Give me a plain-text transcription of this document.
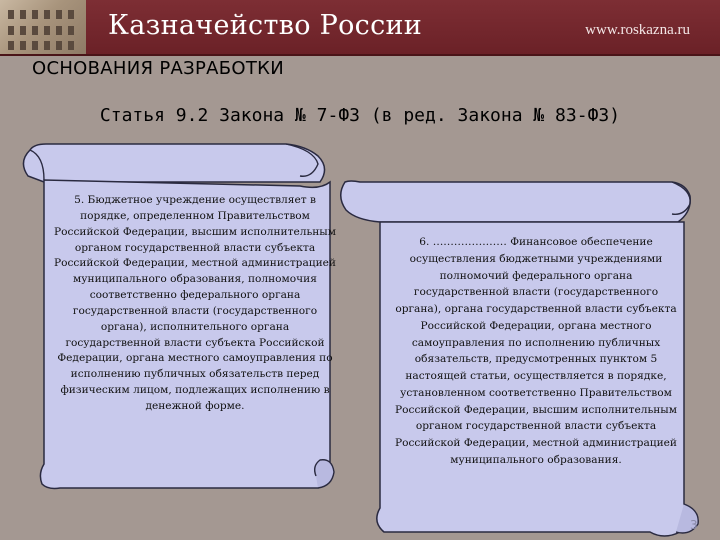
Казначейство России	www.roskazna.ru
ОСНОВАНИЯ РАЗРАБОТКИ
Статья 9.2 Закона № 7-ФЗ (в ред. Закона № 83-ФЗ)
5. Бюджетное учреждение осуществляет в порядке, определенном Правительством Российской Федерации, высшим исполнительным органом государственной власти субъекта Российской Федерации, местной администрацией муниципального образования, полномочия соответственно федерального органа государственной власти (государственного органа), исполнительного органа государственной власти субъекта Российской Федерации, органа местного самоуправления по исполнению публичных обязательств перед физическим лицом, подлежащих исполнению в денежной форме.
6. ………………… Финансовое обеспечение осуществления бюджетными учреждениями полномочий федерального органа государственной власти (государственного органа), органа государственной власти субъекта Российской Федерации, органа местного самоуправления по исполнению публичных обязательств, предусмотренных пунктом 5 настоящей статьи, осуществляется в порядке, установленном соответственно Правительством Российской Федерации, высшим исполнительным органом государственной власти субъекта Российской Федерации, местной администрацией муниципального образования.
3
